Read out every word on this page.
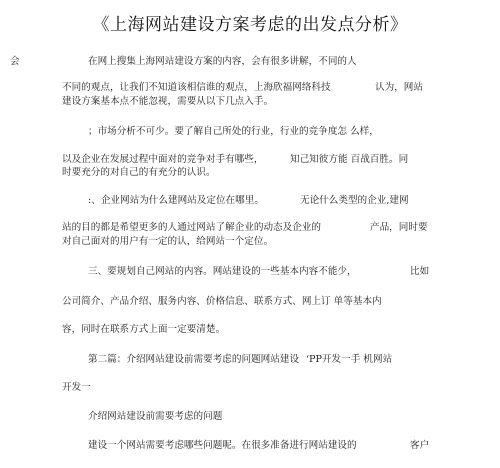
《上海网站建设方案考虑的出发点分析》
会	在网上搜集上海网站建设方案的内容，会有很多讲解，不同的人
不同的观点，让我们不知道该相信谁的观点，上海欣福网络科技	认为，网站
建设方案基本点不能忽视，需要从以下几点入手。
；市场分析不可少。要了解自己所处的行业，行业的竞争度怎 么样，
以及企业在发展过程中面对的竞争对手有哪些，	知己知彼方能 百战百胜。同
时要充分的对自己的有充分的认识。
:、企业网站为什么建网站及定位在哪里。	无论什么类型的企业,建网
站的目的都是希望更多的人通过网站了解企业的动态及企业的	产品，同时要
对自己面对的用户有一定的认，给网站一个定位。
三、要规划自己网站的内容。网站建设的一些基本内容不能少，	比如
公司简介、产品介绍、服务内容、价格信息、联系方式、网上订 单等基本内
容，同时在联系方式上面一定要清楚。
第二篇：介绍网站建设前需要考虑的问题网站建设 ‘PP开发一手 机网站
开发一
介绍网站建设前需要考虑的问题
建设一个网站需要考虑哪些问题呢。在很多准备进行网站建设的	客户
